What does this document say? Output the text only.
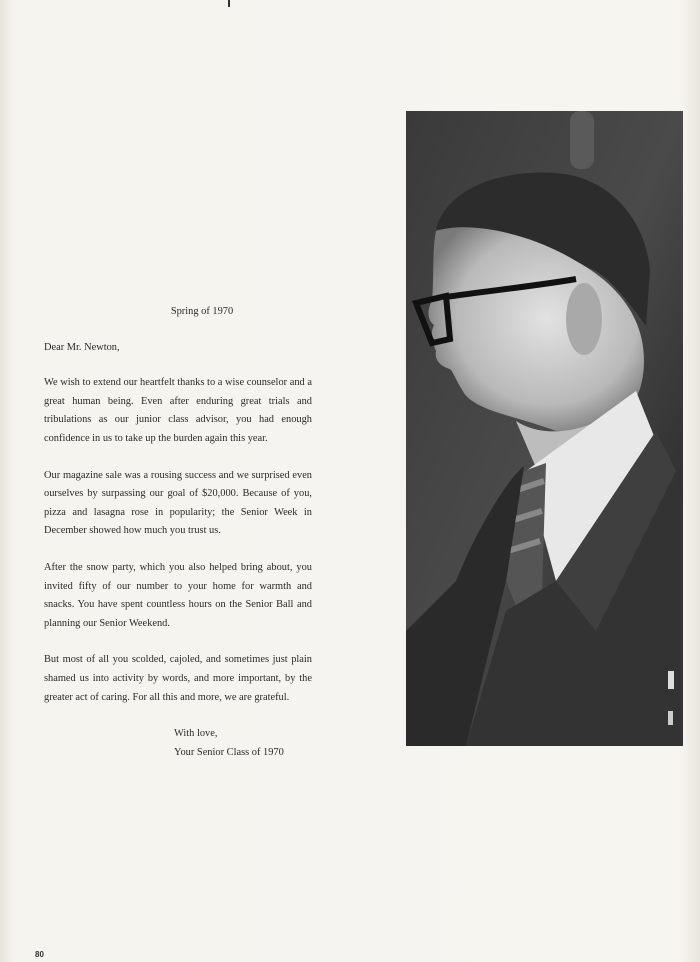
Spring of 1970
Dear Mr. Newton,

We wish to extend our heartfelt thanks to a wise counselor and a great human being. Even after enduring great trials and tribulations as our junior class advisor, you had enough confidence in us to take up the burden again this year.

Our magazine sale was a rousing success and we surprised even ourselves by surpassing our goal of $20,000. Because of you, pizza and lasagna rose in popularity; the Senior Week in December showed how much you trust us.

After the snow party, which you also helped bring about, you invited fifty of our number to your home for warmth and snacks. You have spent countless hours on the Senior Ball and planning our Senior Weekend.

But most of all you scolded, cajoled, and sometimes just plain shamed us into activity by words, and more important, by the greater act of caring. For all this and more, we are grateful.

With love,
Your Senior Class of 1970
80
